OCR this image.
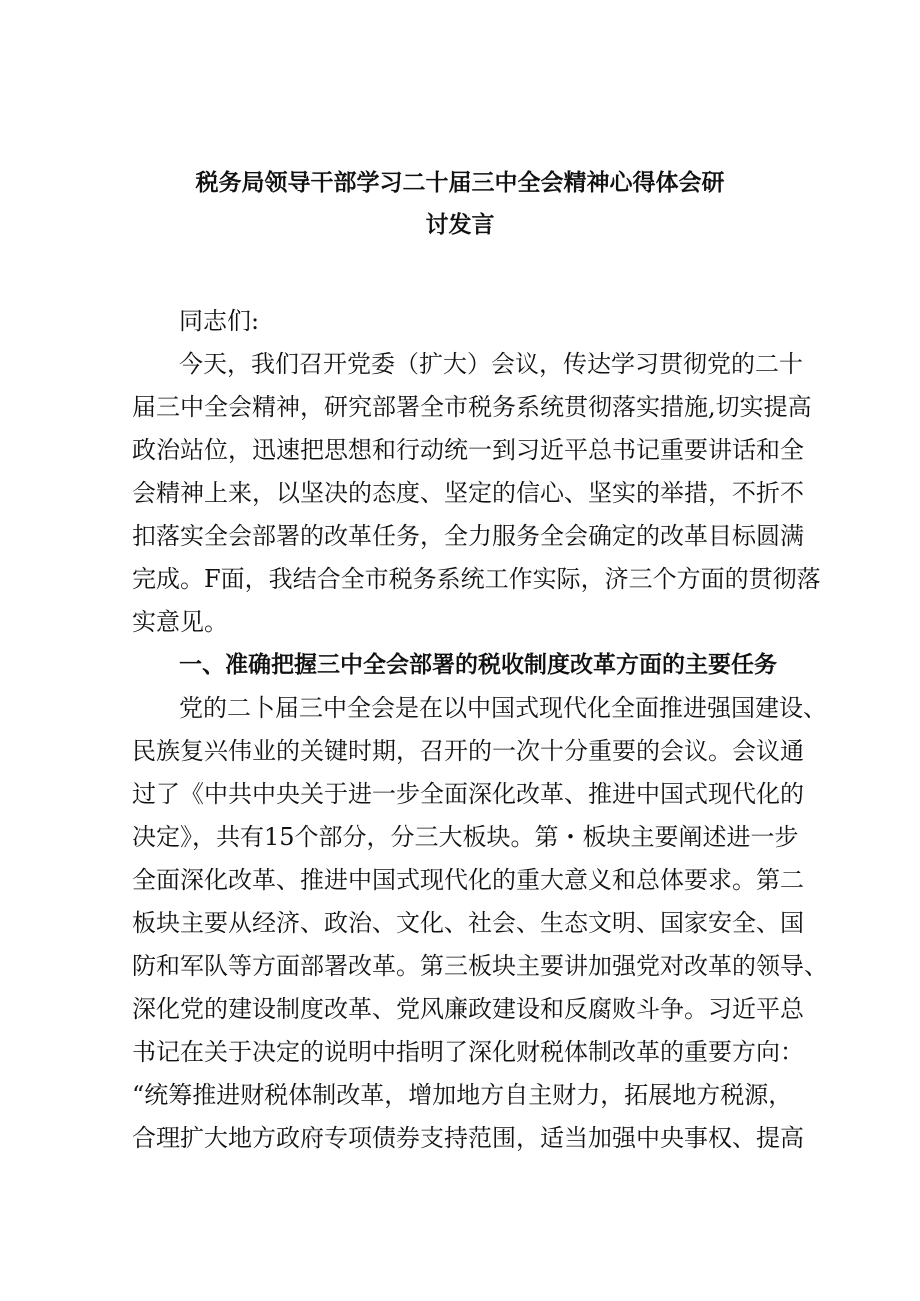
税务局领导干部学习二十届三中全会精神心得体会研
讨发言
同志们:
今天，我们召开党委（扩大）会议，传达学习贯彻党的二十
届三中全会精神，研究部署全市税务系统贯彻落实措施,切实提高
政治站位，迅速把思想和行动统一到习近平总书记重要讲话和全
会精神上来，以坚决的态度、坚定的信心、坚实的举措，不折不
扣落实全会部署的改革任务，全力服务全会确定的改革目标圆满
完成。F面，我结合全市税务系统工作实际，济三个方面的贯彻落
实意见。
一、准确把握三中全会部署的税收制度改革方面的主要任务
党的二卜届三中全会是在以中国式现代化全面推进强国建设、
民族复兴伟业的关键时期，召开的一次十分重要的会议。会议通
过了《中共中央关于进一步全面深化改革、推进中国式现代化的
决定》，共有15个部分，分三大板块。第・板块主要阐述进一步
全面深化改革、推进中国式现代化的重大意义和总体要求。第二
板块主要从经济、政治、文化、社会、生态文明、国家安全、国
防和军队等方面部署改革。第三板块主要讲加强党对改革的领导、
深化党的建设制度改革、党风廉政建设和反腐败斗争。习近平总
书记在关于决定的说明中指明了深化财税体制改革的重要方向：
“统筹推进财税体制改革，增加地方自主财力，拓展地方税源，
合理扩大地方政府专项债券支持范围，适当加强中央事权、提高
